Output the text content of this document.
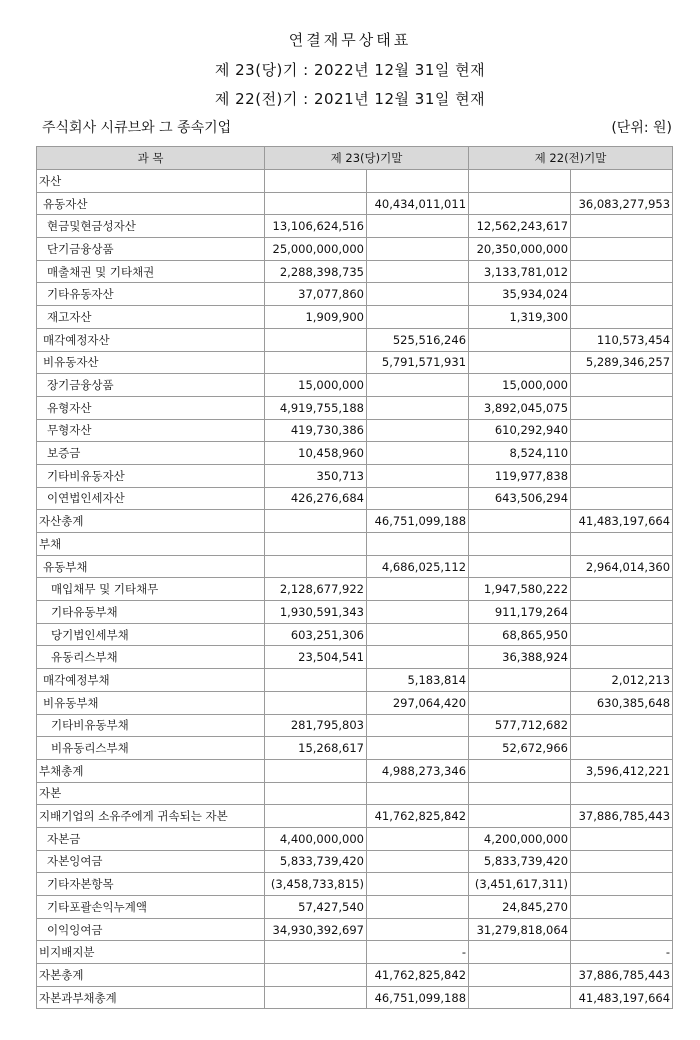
연결재무상태표
제 23(당)기 : 2022년 12월 31일 현재
제 22(전)기 : 2021년 12월 31일 현재
주식회사 시큐브와 그 종속기업	(단위: 원)
과 목	제 23(당)기말		제 22(전)기말	
자산				
유동자산		40,434,011,011		36,083,277,953
현금및현금성자산	13,106,624,516		12,562,243,617	
단기금융상품	25,000,000,000		20,350,000,000	
매출채권 및 기타채권	2,288,398,735		3,133,781,012	
기타유동자산	37,077,860		35,934,024	
재고자산	1,909,900		1,319,300	
매각예정자산		525,516,246		110,573,454
비유동자산		5,791,571,931		5,289,346,257
장기금융상품	15,000,000		15,000,000	
유형자산	4,919,755,188		3,892,045,075	
무형자산	419,730,386		610,292,940	
보증금	10,458,960		8,524,110	
기타비유동자산	350,713		119,977,838	
이연법인세자산	426,276,684		643,506,294	
자산총계		46,751,099,188		41,483,197,664
부채				
유동부채		4,686,025,112		2,964,014,360
매입채무 및 기타채무	2,128,677,922		1,947,580,222	
기타유동부채	1,930,591,343		911,179,264	
당기법인세부채	603,251,306		68,865,950	
유동리스부채	23,504,541		36,388,924	
매각예정부채		5,183,814		2,012,213
비유동부채		297,064,420		630,385,648
기타비유동부채	281,795,803		577,712,682	
비유동리스부채	15,268,617		52,672,966	
부채총계		4,988,273,346		3,596,412,221
자본				
지배기업의 소유주에게 귀속되는 자본		41,762,825,842		37,886,785,443
자본금	4,400,000,000		4,200,000,000	
자본잉여금	5,833,739,420		5,833,739,420	
기타자본항목	(3,458,733,815)		(3,451,617,311)	
기타포괄손익누계액	57,427,540		24,845,270	
이익잉여금	34,930,392,697		31,279,818,064	
비지배지분		-		-
자본총계		41,762,825,842		37,886,785,443
자본과부채총계		46,751,099,188		41,483,197,664
